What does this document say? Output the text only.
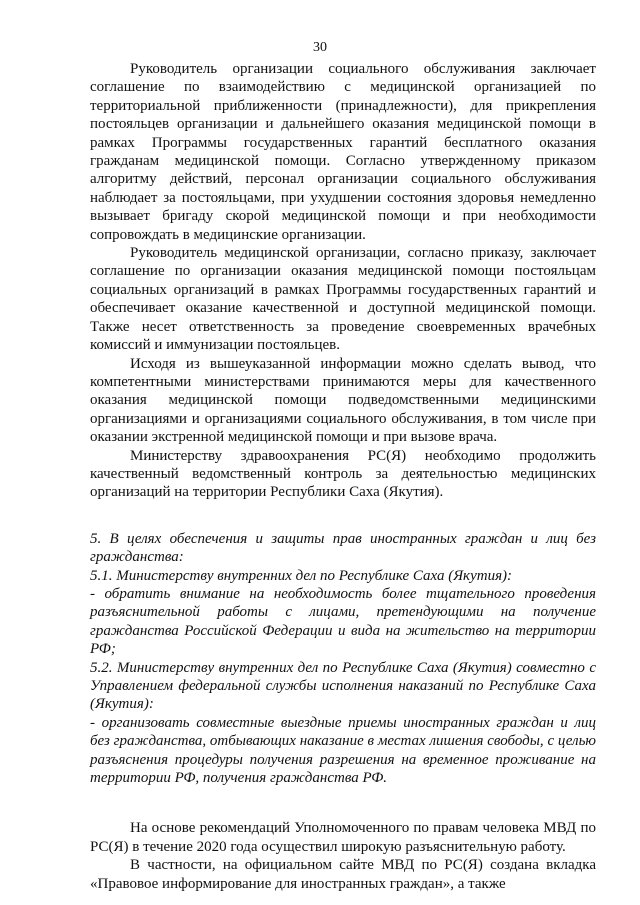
30

Руководитель организации социального обслуживания заключает соглашение по взаимодействию с медицинской организацией по территориальной приближенности (принадлежности), для прикрепления постояльцев организации и дальнейшего оказания медицинской помощи в рамках Программы государственных гарантий бесплатного оказания гражданам медицинской помощи. Согласно утвержденному приказом алгоритму действий, персонал организации социального обслуживания наблюдает за постояльцами, при ухудшении состояния здоровья немедленно вызывает бригаду скорой медицинской помощи и при необходимости сопровождать в медицинские организации.

Руководитель медицинской организации, согласно приказу, заключает соглашение по организации оказания медицинской помощи постояльцам социальных организаций в рамках Программы государственных гарантий и обеспечивает оказание качественной и доступной медицинской помощи. Также несет ответственность за проведение своевременных врачебных комиссий и иммунизации постояльцев.

Исходя из вышеуказанной информации можно сделать вывод, что компетентными министерствами принимаются меры для качественного оказания медицинской помощи подведомственными медицинскими организациями и организациями социального обслуживания, в том числе при оказании экстренной медицинской помощи и при вызове врача.

Министерству здравоохранения РС(Я) необходимо продолжить качественный ведомственный контроль за деятельностью медицинских организаций на территории Республики Саха (Якутия).

5. В целях обеспечения и защиты прав иностранных граждан и лиц без гражданства:

5.1. Министерству внутренних дел по Республике Саха (Якутия):

- обратить внимание на необходимость более тщательного проведения разъяснительной работы с лицами, претендующими на получение гражданства Российской Федерации и вида на жительство на территории РФ;

5.2. Министерству внутренних дел по Республике Саха (Якутия) совместно с Управлением федеральной службы исполнения наказаний по Республике Саха (Якутия):

- организовать совместные выездные приемы иностранных граждан и лиц без гражданства, отбывающих наказание в местах лишения свободы, с целью разъяснения процедуры получения разрешения на временное проживание на территории РФ, получения гражданства РФ.

На основе рекомендаций Уполномоченного по правам человека МВД по РС(Я) в течение 2020 года осуществил широкую разъяснительную работу.

В частности, на официальном сайте МВД по РС(Я) создана вкладка «Правовое информирование для иностранных граждан», а также
